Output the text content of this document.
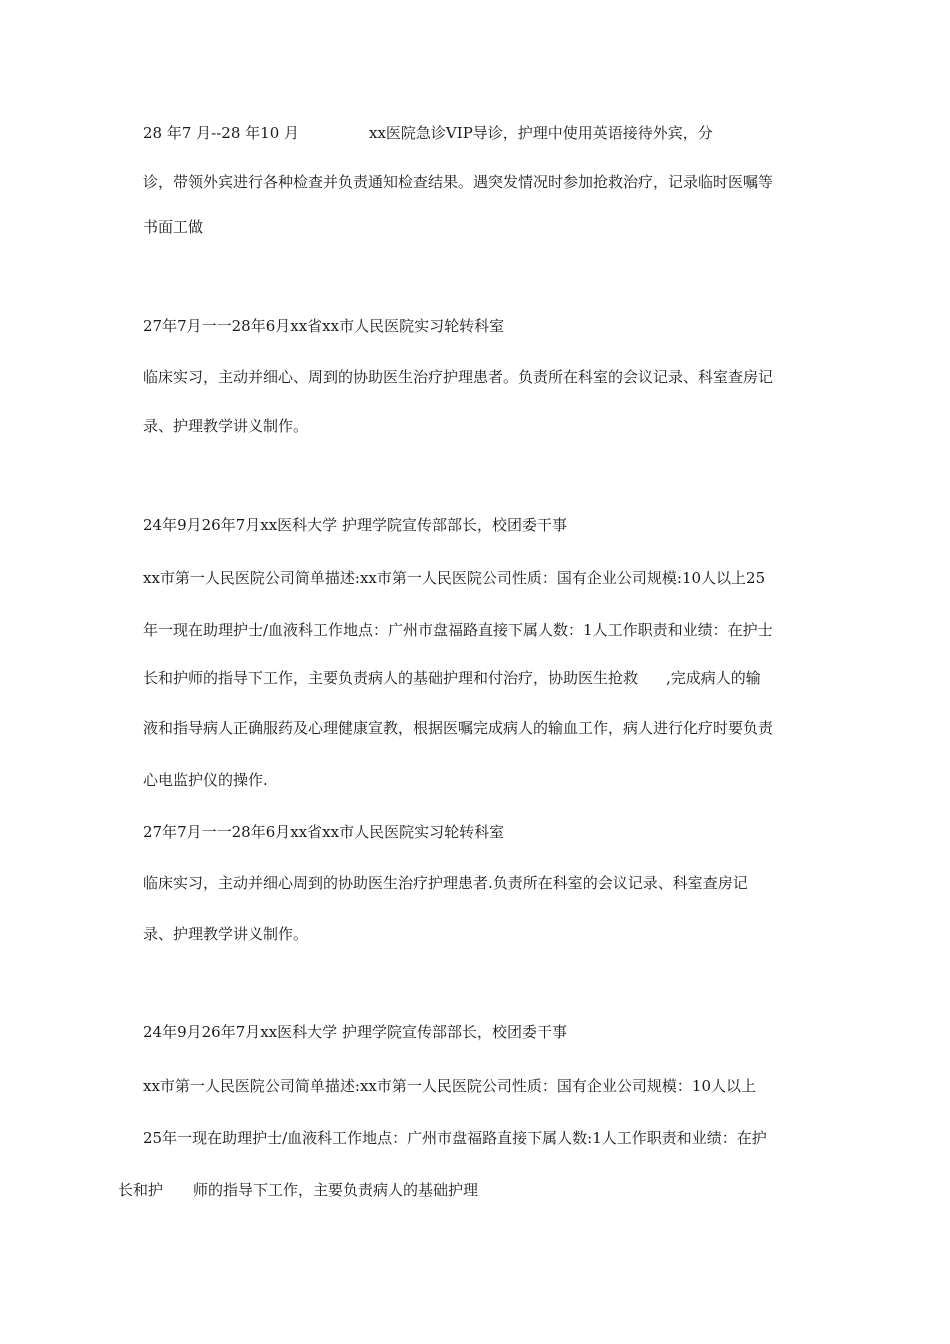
28 年7 月--28 年10 月	xx医院急诊VIP导诊，护理中使用英语接待外宾，分
诊，带领外宾进行各种检查并负责通知检查结果。遇突发情况时参加抢救治疗，记录临时医嘱等
书面工做
27年7月一一28年6月xx省xx市人民医院实习轮转科室
临床实习，主动并细心、周到的协助医生治疗护理患者。负责所在科室的会议记录、科室查房记
录、护理教学讲义制作。
24年9月26年7月xx医科大学 护理学院宣传部部长，校团委干事
xx市第一人民医院公司简单描述:xx市第一人民医院公司性质：国有企业公司规模:10人以上25
年一现在助理护士/血液科工作地点：广州市盘福路直接下属人数：1人工作职责和业绩：在护士
长和护师的指导下工作，主要负责病人的基础护理和付治疗，协助医生抢救 ,完成病人的输
液和指导病人正确服药及心理健康宣教，根据医嘱完成病人的输血工作，病人进行化疗时要负责
心电监护仪的操作.
27年7月一一28年6月xx省xx市人民医院实习轮转科室
临床实习，主动并细心周到的协助医生治疗护理患者.负责所在科室的会议记录、科室查房记
录、护理教学讲义制作。
24年9月26年7月xx医科大学 护理学院宣传部部长，校团委干事
xx市第一人民医院公司简单描述:xx市第一人民医院公司性质：国有企业公司规模：10人以上
25年一现在助理护士/血液科工作地点：广州市盘福路直接下属人数:1人工作职责和业绩：在护
长和护 师的指导下工作，主要负责病人的基础护理
